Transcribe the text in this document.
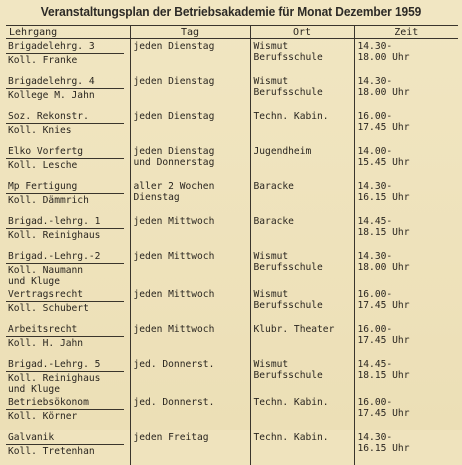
Veranstaltungsplan der Betriebsakademie für Monat Dezember 1959
Lehrgang	Tag	Ort	Zeit

Brigadelehrg. 3
Koll. Franke	jeden Dienstag	Wismut
Berufsschule	14.30-
18.00 Uhr

Brigadelehrg. 4
Kollege M. Jahn	jeden Dienstag	Wismut
Berufsschule	14.30-
18.00 Uhr

Soz. Rekonstr.
Koll. Knies	jeden Dienstag	Techn. Kabin.	16.00-
17.45 Uhr

Elko Vorfertg
Koll. Lesche	jeden Dienstag
und Donnerstag	Jugendheim	14.00-
15.45 Uhr

Mp Fertigung
Koll. Dämmrich	aller 2 Wochen
Dienstag	Baracke	14.30-
16.15 Uhr

Brigad.-lehrg. 1
Koll. Reinighaus	jeden Mittwoch	Baracke	14.45-
18.15 Uhr

Brigad.-Lehrg.-2
Koll. Naumann
und Kluge	jeden Mittwoch	Wismut
Berufsschule	14.30-
18.00 Uhr

Vertragsrecht
Koll. Schubert	jeden Mittwoch	Wismut
Berufsschule	16.00-
17.45 Uhr

Arbeitsrecht
Koll. H. Jahn	jeden Mittwoch	Klubr. Theater	16.00-
17.45 Uhr

Brigad.-Lehrg. 5
Koll. Reinighaus
und Kluge	jed. Donnerst.	Wismut
Berufsschule	14.45-
18.15 Uhr

Betriebsökonom
Koll. Körner	jed. Donnerst.	Techn. Kabin.	16.00-
17.45 Uhr

Galvanik
Koll. Tretenhan	jeden Freitag	Techn. Kabin.	14.30-
16.15 Uhr
